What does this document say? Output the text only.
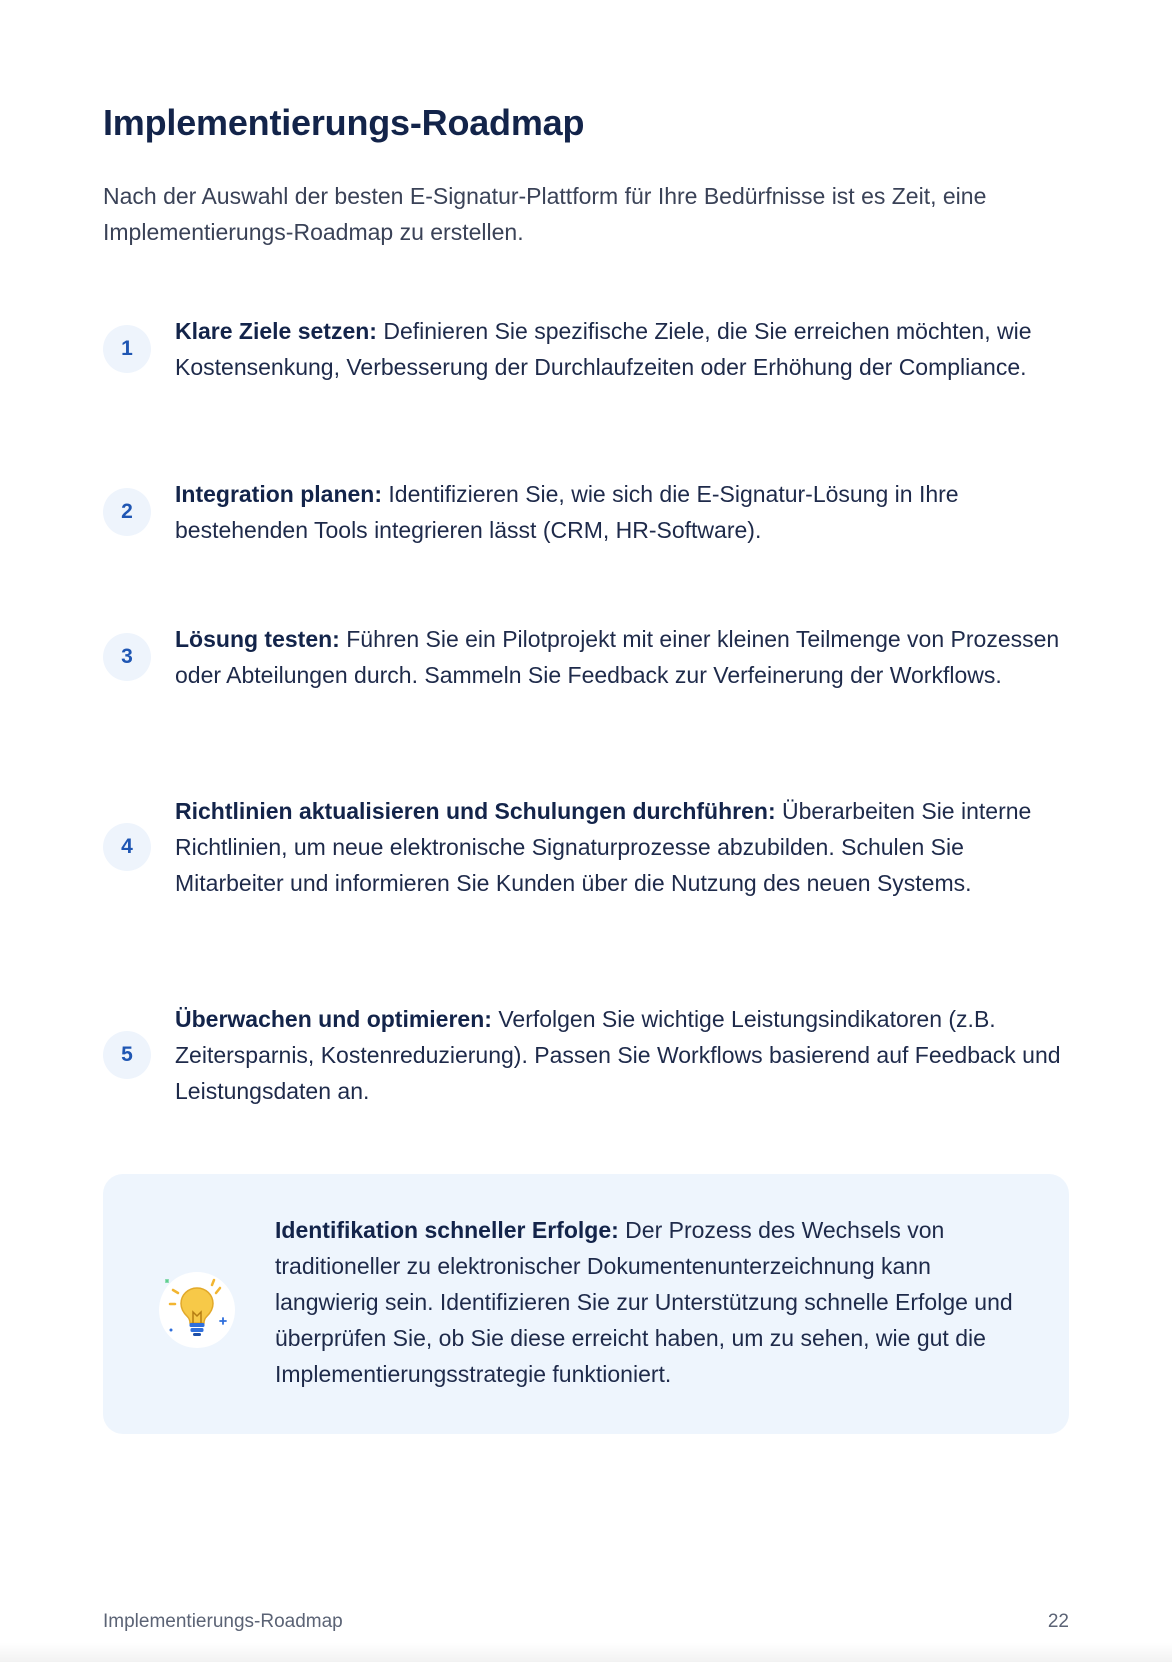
Implementierungs-Roadmap

Nach der Auswahl der besten E-Signatur-Plattform für Ihre Bedürfnisse ist es Zeit, eine Implementierungs-Roadmap zu erstellen.

1
Klare Ziele setzen: Definieren Sie spezifische Ziele, die Sie erreichen möchten, wie Kostensenkung, Verbesserung der Durchlaufzeiten oder Erhöhung der Compliance.
2
Integration planen: Identifizieren Sie, wie sich die E-Signatur-Lösung in Ihre bestehenden Tools integrieren lässt (CRM, HR-Software).
3
Lösung testen: Führen Sie ein Pilotprojekt mit einer kleinen Teilmenge von Prozessen oder Abteilungen durch. Sammeln Sie Feedback zur Verfeinerung der Workflows.
4
Richtlinien aktualisieren und Schulungen durchführen: Überarbeiten Sie interne Richtlinien, um neue elektronische Signaturprozesse abzubilden. Schulen Sie Mitarbeiter und informieren Sie Kunden über die Nutzung des neuen Systems.
5
Überwachen und optimieren: Verfolgen Sie wichtige Leistungsindikatoren (z.B. Zeitersparnis, Kostenreduzierung). Passen Sie Workflows basierend auf Feedback und Leistungsdaten an.

Identifikation schneller Erfolge: Der Prozess des Wechsels von traditioneller zu elektronischer Dokumentenunterzeichnung kann langwierig sein. Identifizieren Sie zur Unterstützung schnelle Erfolge und überprüfen Sie, ob Sie diese erreicht haben, um zu sehen, wie gut die Implementierungsstrategie funktioniert.

Implementierungs-Roadmap	22
